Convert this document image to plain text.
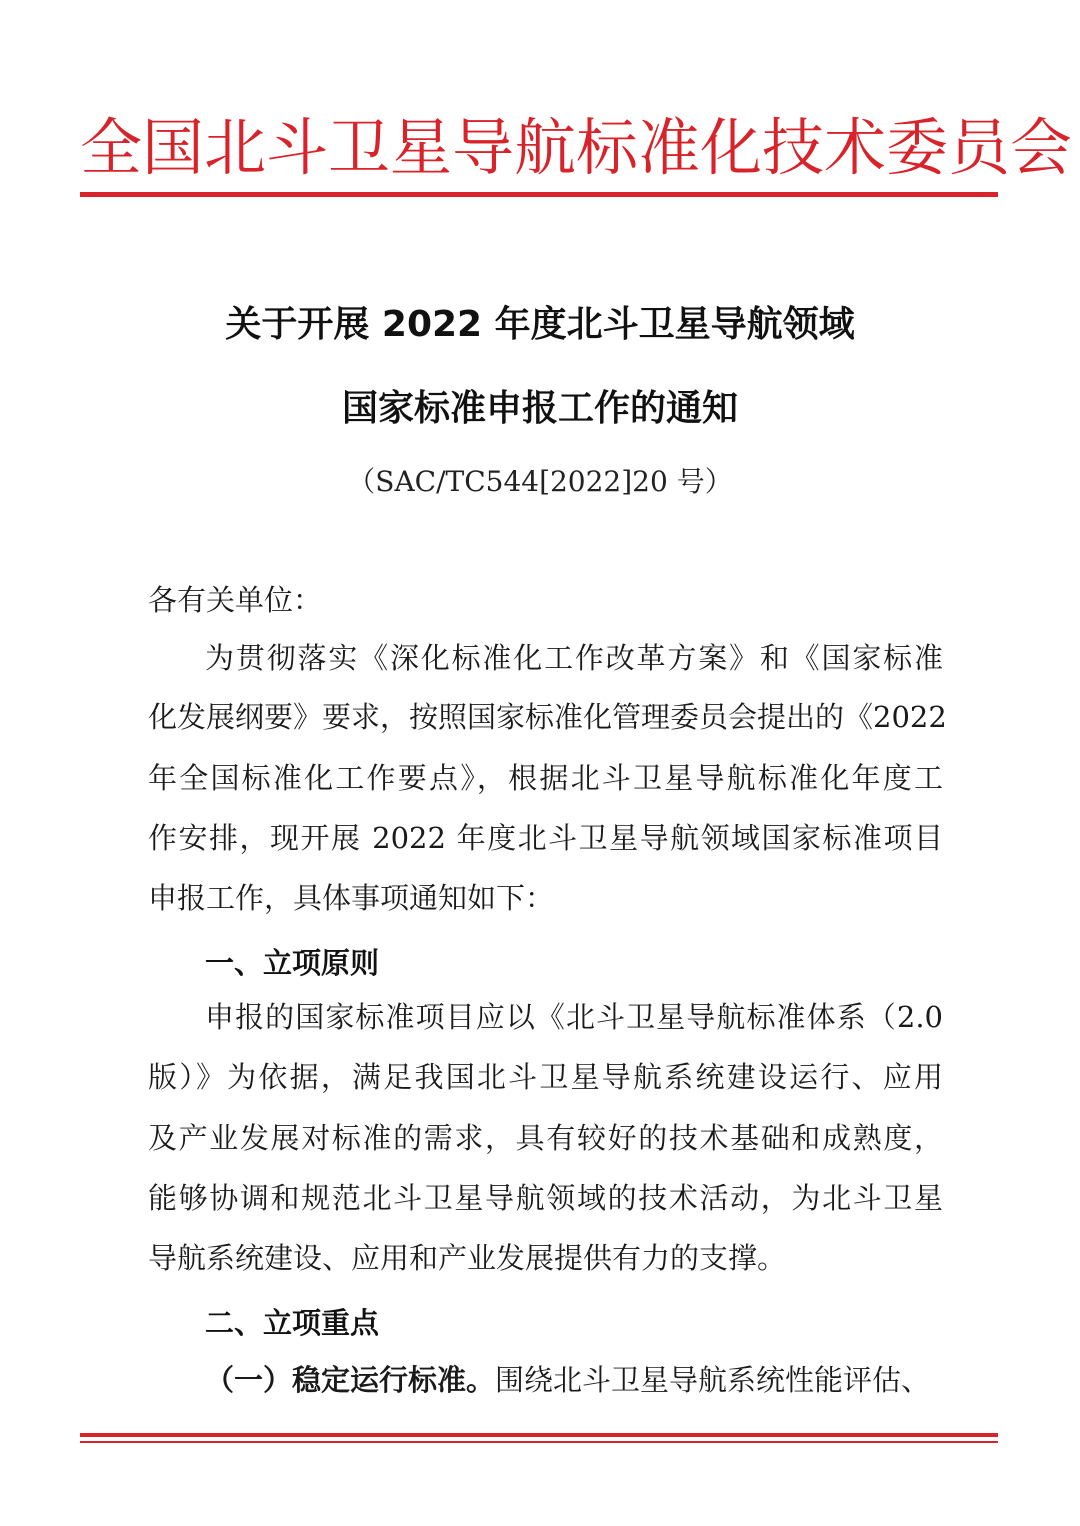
全国北斗卫星导航标准化技术委员会
关于开展 2022 年度北斗卫星导航领域
国家标准申报工作的通知
（SAC/TC544[2022]20 号）
各有关单位：
为贯彻落实《深化标准化工作改革方案》和《国家标准
化发展纲要》要求，按照国家标准化管理委员会提出的《2022
年全国标准化工作要点》，根据北斗卫星导航标准化年度工
作安排，现开展 2022 年度北斗卫星导航领域国家标准项目
申报工作，具体事项通知如下：
一、立项原则
申报的国家标准项目应以《北斗卫星导航标准体系（2.0
版）》为依据，满足我国北斗卫星导航系统建设运行、应用
及产业发展对标准的需求，具有较好的技术基础和成熟度，
能够协调和规范北斗卫星导航领域的技术活动，为北斗卫星
导航系统建设、应用和产业发展提供有力的支撑。
二、立项重点
（一）稳定运行标准。围绕北斗卫星导航系统性能评估、
